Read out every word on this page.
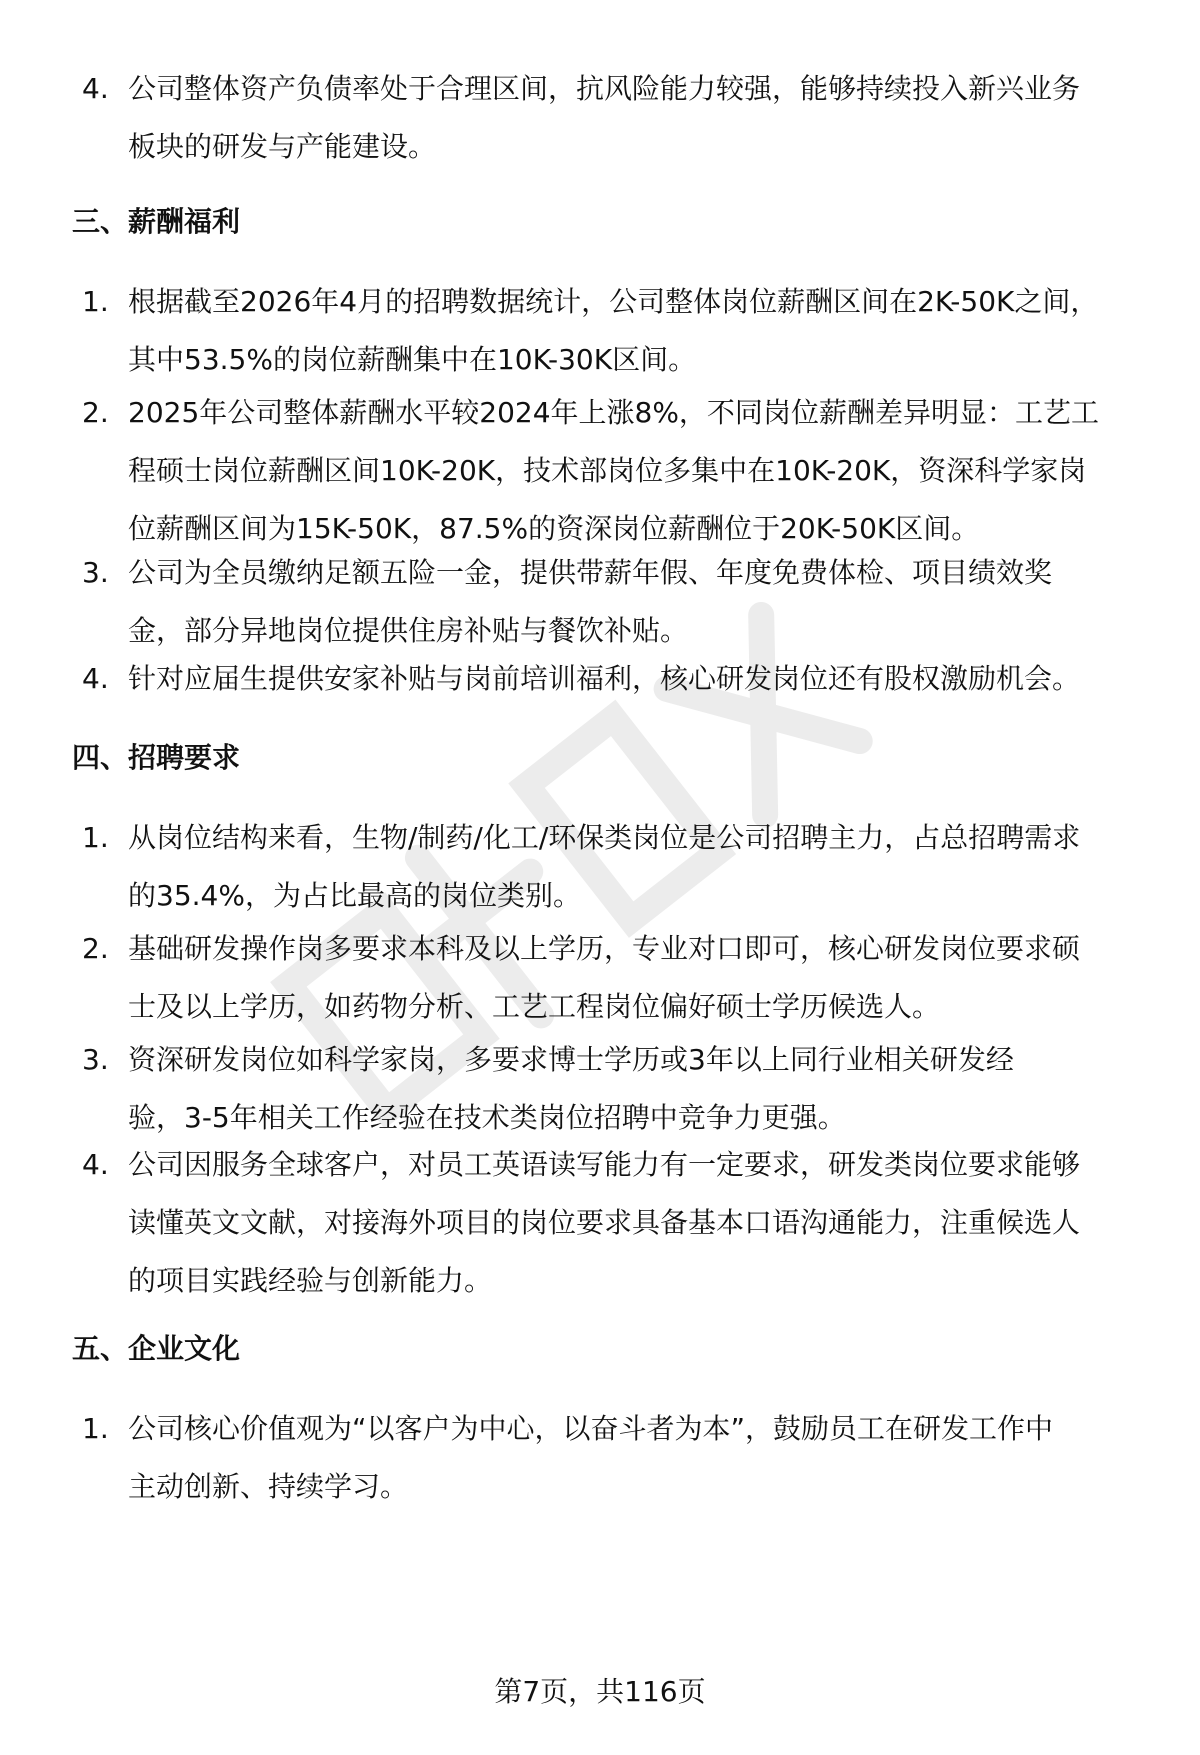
4. 公司整体资产负债率处于合理区间，抗风险能力较强，能够持续投入新兴业务
板块的研发与产能建设。
三、薪酬福利
1. 根据截至2026年4月的招聘数据统计，公司整体岗位薪酬区间在2K-50K之间，
其中53.5%的岗位薪酬集中在10K-30K区间。
2. 2025年公司整体薪酬水平较2024年上涨8%，不同岗位薪酬差异明显：工艺工
程硕士岗位薪酬区间10K-20K，技术部岗位多集中在10K-20K，资深科学家岗
位薪酬区间为15K-50K，87.5%的资深岗位薪酬位于20K-50K区间。
3. 公司为全员缴纳足额五险一金，提供带薪年假、年度免费体检、项目绩效奖
金，部分异地岗位提供住房补贴与餐饮补贴。
4. 针对应届生提供安家补贴与岗前培训福利，核心研发岗位还有股权激励机会。
四、招聘要求
1. 从岗位结构来看，生物/制药/化工/环保类岗位是公司招聘主力，占总招聘需求
的35.4%，为占比最高的岗位类别。
2. 基础研发操作岗多要求本科及以上学历，专业对口即可，核心研发岗位要求硕
士及以上学历，如药物分析、工艺工程岗位偏好硕士学历候选人。
3. 资深研发岗位如科学家岗，多要求博士学历或3年以上同行业相关研发经
验，3-5年相关工作经验在技术类岗位招聘中竞争力更强。
4. 公司因服务全球客户，对员工英语读写能力有一定要求，研发类岗位要求能够
读懂英文文献，对接海外项目的岗位要求具备基本口语沟通能力，注重候选人
的项目实践经验与创新能力。
五、企业文化
1. 公司核心价值观为“以客户为中心，以奋斗者为本”，鼓励员工在研发工作中
主动创新、持续学习。
第7页，共116页
